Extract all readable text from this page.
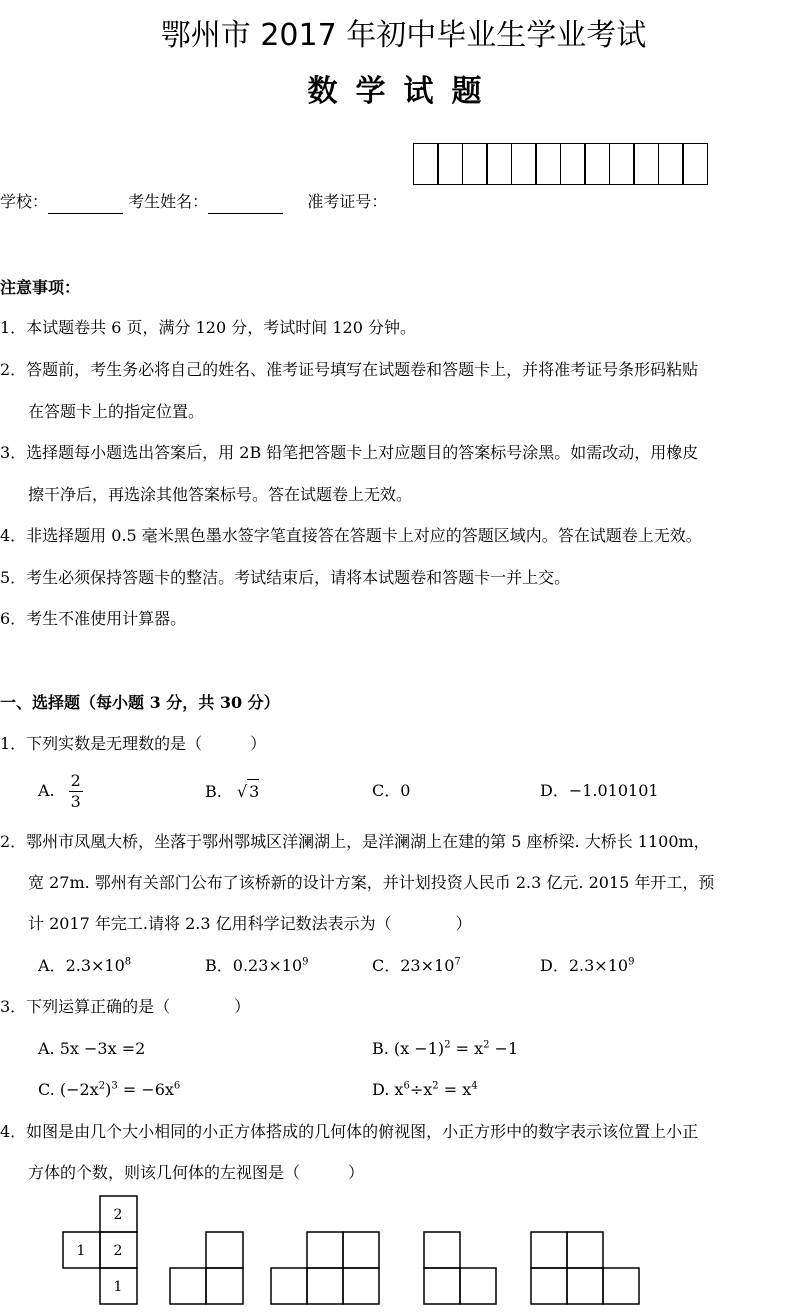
鄂州市 2017 年初中毕业生学业考试
数学试题
学校：	考生姓名：	准考证号：
注意事项：
1．本试题卷共 6 页，满分 120 分，考试时间 120 分钟。
2．答题前，考生务必将自己的姓名、准考证号填写在试题卷和答题卡上，并将准考证号条形码粘贴
在答题卡上的指定位置。
3．选择题每小题选出答案后，用 2B 铅笔把答题卡上对应题目的答案标号涂黑。如需改动，用橡皮
擦干净后，再选涂其他答案标号。答在试题卷上无效。
4．非选择题用 0.5 毫米黑色墨水签字笔直接答在答题卡上对应的答题区域内。答在试题卷上无效。
5．考生必须保持答题卡的整洁。考试结束后，请将本试题卷和答题卡一并上交。
6．考生不准使用计算器。
一、选择题（每小题 3 分，共 30 分）
1．下列实数是无理数的是（　　　）
A. $\frac{2}{3}$	B. √ 3	C．0	D．−1.010101
2．鄂州市凤凰大桥，坐落于鄂州鄂城区洋澜湖上，是洋澜湖上在建的第 5 座桥梁. 大桥长 1100m，
宽 27m. 鄂州有关部门公布了该桥新的设计方案，并计划投资人民币 2.3 亿元. 2015 年开工，预
计 2017 年完工.请将 2.3 亿用科学记数法表示为（　　　　）
A．$2.3\times 10^8$	B．$0.23\times 10^9$	C．$23\times 10^7$	D．$2.3\times 10^9$
3．下列运算正确的是（　　　　）
A. 5x −3x =2	B. $(x -1)^2 = x^2 -1$
C. $(-2x^2)^3 = -6x^6$	D. $x^6\div x^2 = x^4$
4．如图是由几个大小相同的小正方体搭成的几何体的俯视图，小正方形中的数字表示该位置上小正
方体的个数，则该几何体的左视图是（　　　）
2
1 2
1
